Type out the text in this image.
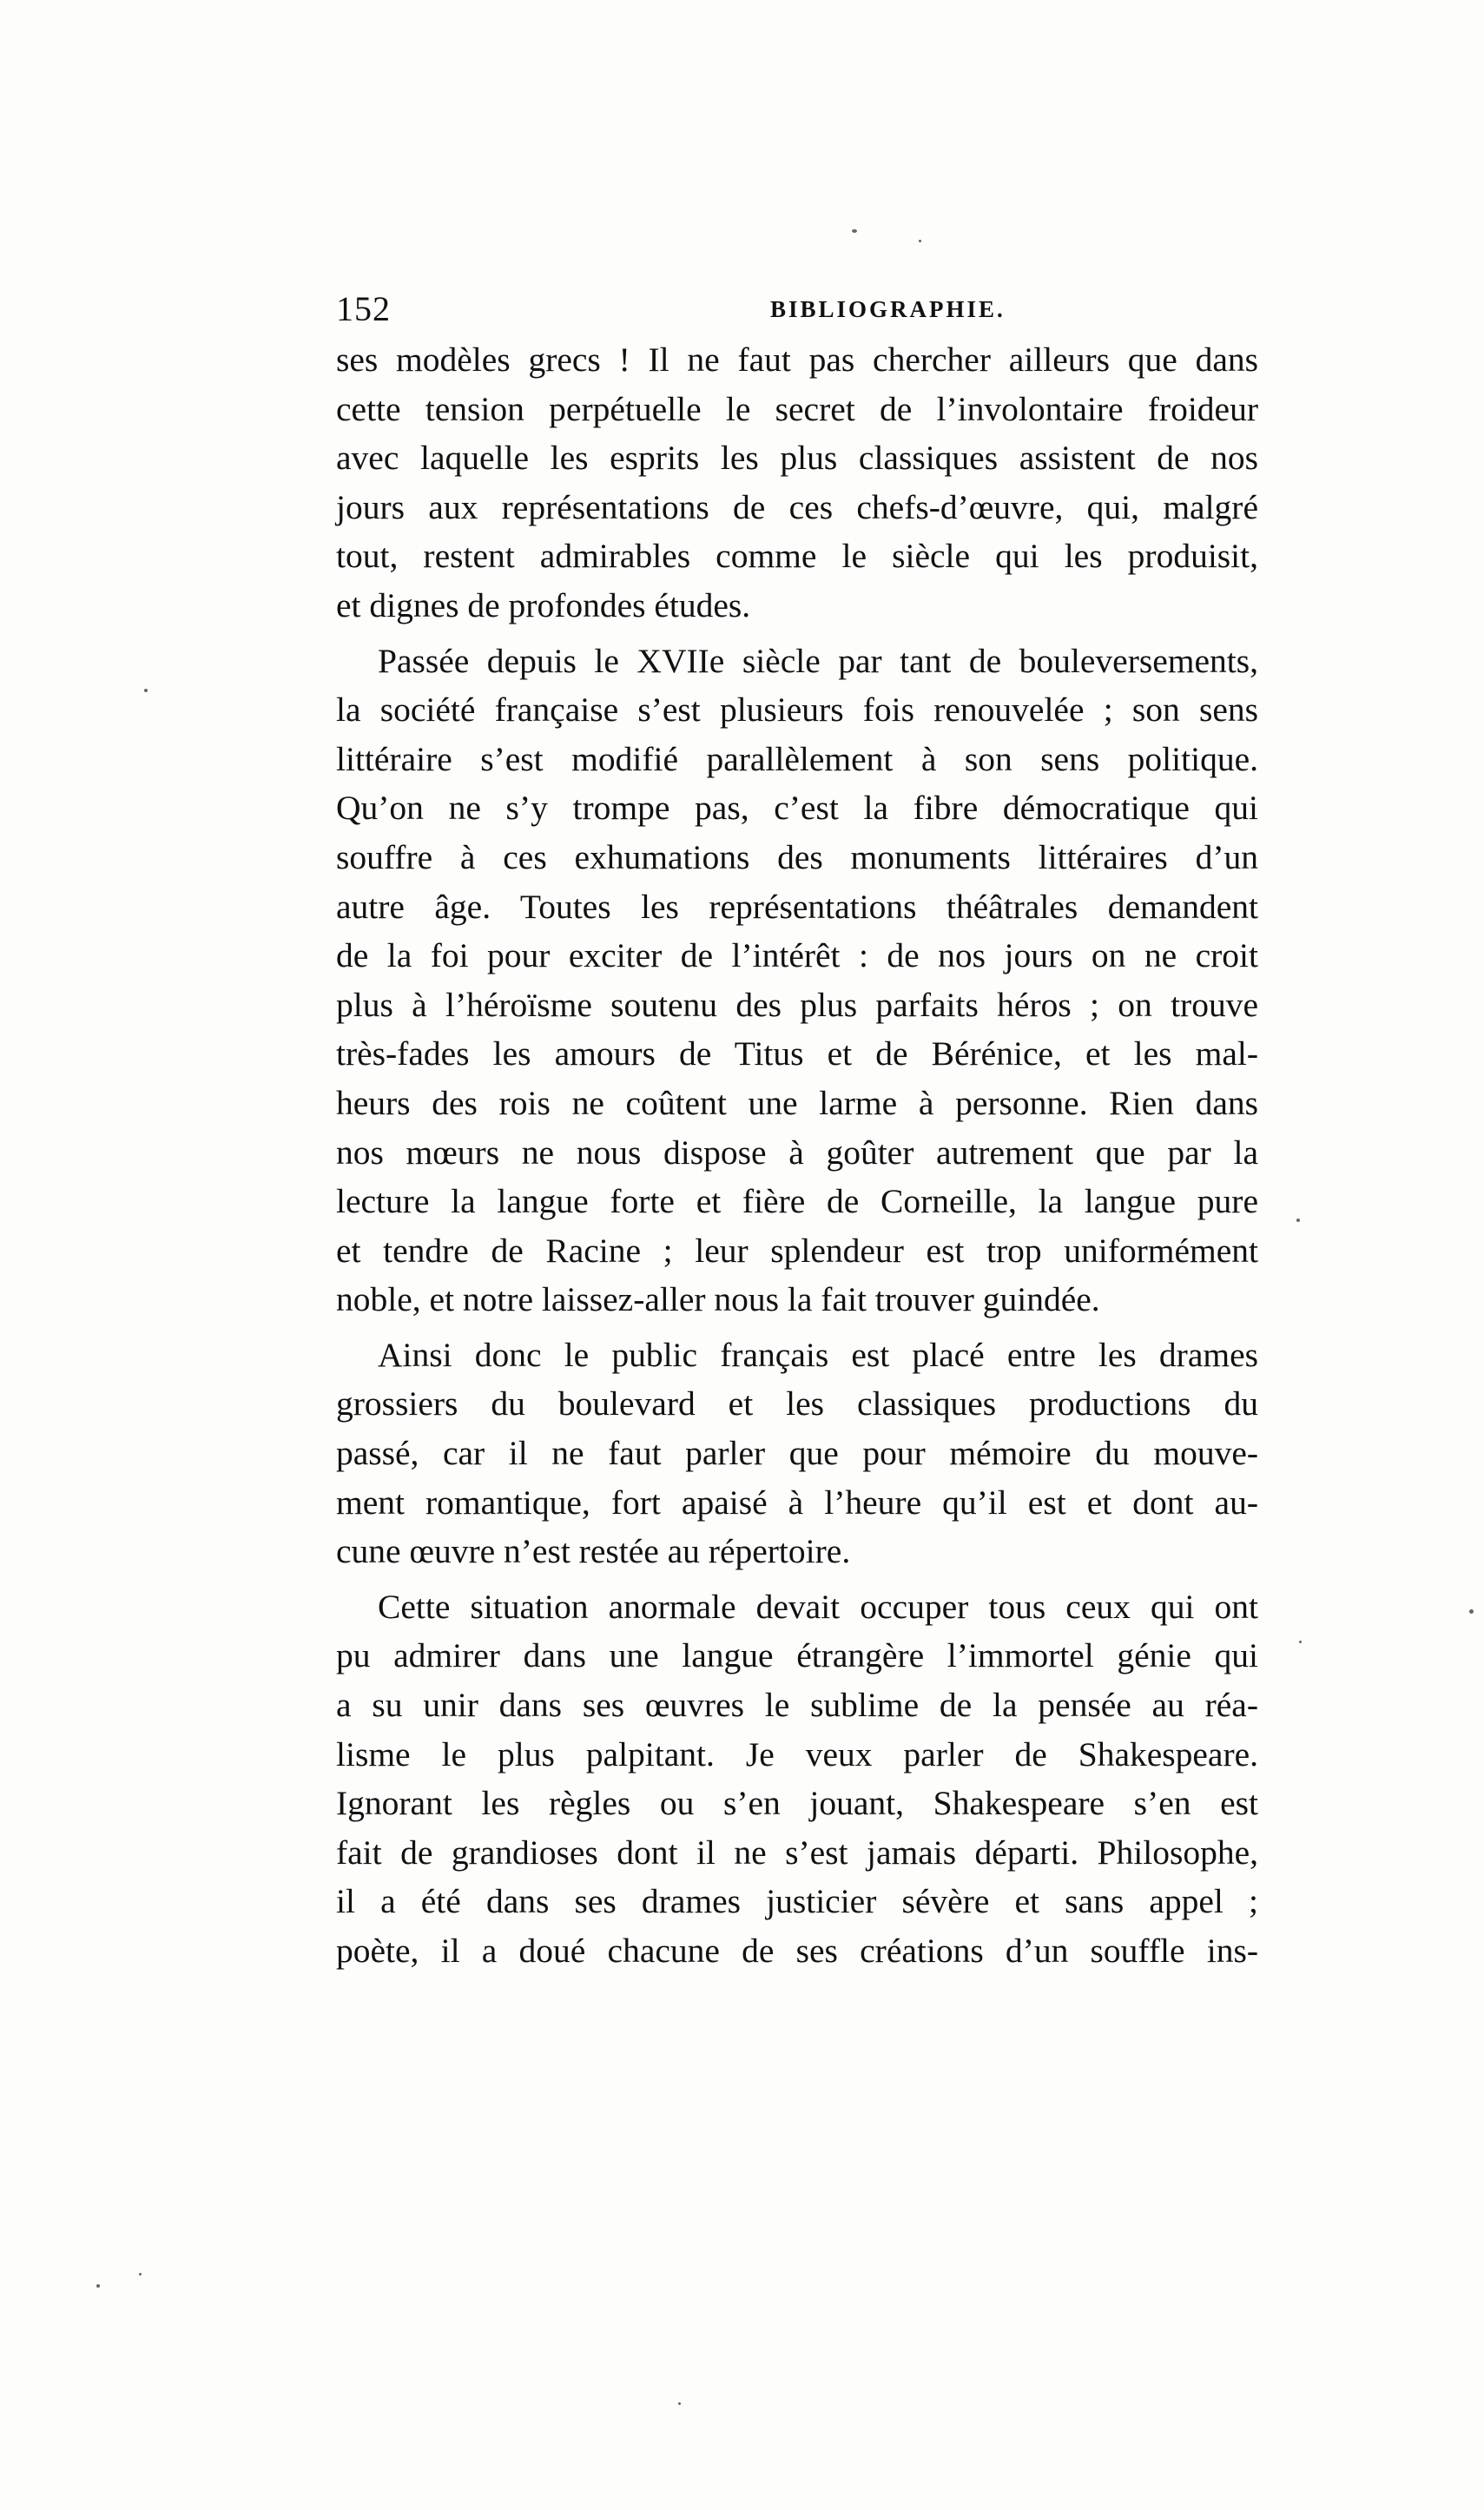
152	BIBLIOGRAPHIE.
ses modèles grecs ! Il ne faut pas chercher ailleurs que dans
cette tension perpétuelle le secret de l’involontaire froideur
avec laquelle les esprits les plus classiques assistent de nos
jours aux représentations de ces chefs-d’œuvre, qui, malgré
tout, restent admirables comme le siècle qui les produisit,
et dignes de profondes études.
Passée depuis le XVIIe siècle par tant de bouleversements,
la société française s’est plusieurs fois renouvelée ; son sens
littéraire s’est modifié parallèlement à son sens politique.
Qu’on ne s’y trompe pas, c’est la fibre démocratique qui
souffre à ces exhumations des monuments littéraires d’un
autre âge. Toutes les représentations théâtrales demandent
de la foi pour exciter de l’intérêt : de nos jours on ne croit
plus à l’héroïsme soutenu des plus parfaits héros ; on trouve
très-fades les amours de Titus et de Bérénice, et les mal-
heurs des rois ne coûtent une larme à personne. Rien dans
nos mœurs ne nous dispose à goûter autrement que par la
lecture la langue forte et fière de Corneille, la langue pure
et tendre de Racine ; leur splendeur est trop uniformément
noble, et notre laissez-aller nous la fait trouver guindée.
Ainsi donc le public français est placé entre les drames
grossiers du boulevard et les classiques productions du
passé, car il ne faut parler que pour mémoire du mouve-
ment romantique, fort apaisé à l’heure qu’il est et dont au-
cune œuvre n’est restée au répertoire.
Cette situation anormale devait occuper tous ceux qui ont
pu admirer dans une langue étrangère l’immortel génie qui
a su unir dans ses œuvres le sublime de la pensée au réa-
lisme le plus palpitant. Je veux parler de Shakespeare.
Ignorant les règles ou s’en jouant, Shakespeare s’en est
fait de grandioses dont il ne s’est jamais départi. Philosophe,
il a été dans ses drames justicier sévère et sans appel ;
poète, il a doué chacune de ses créations d’un souffle ins-
